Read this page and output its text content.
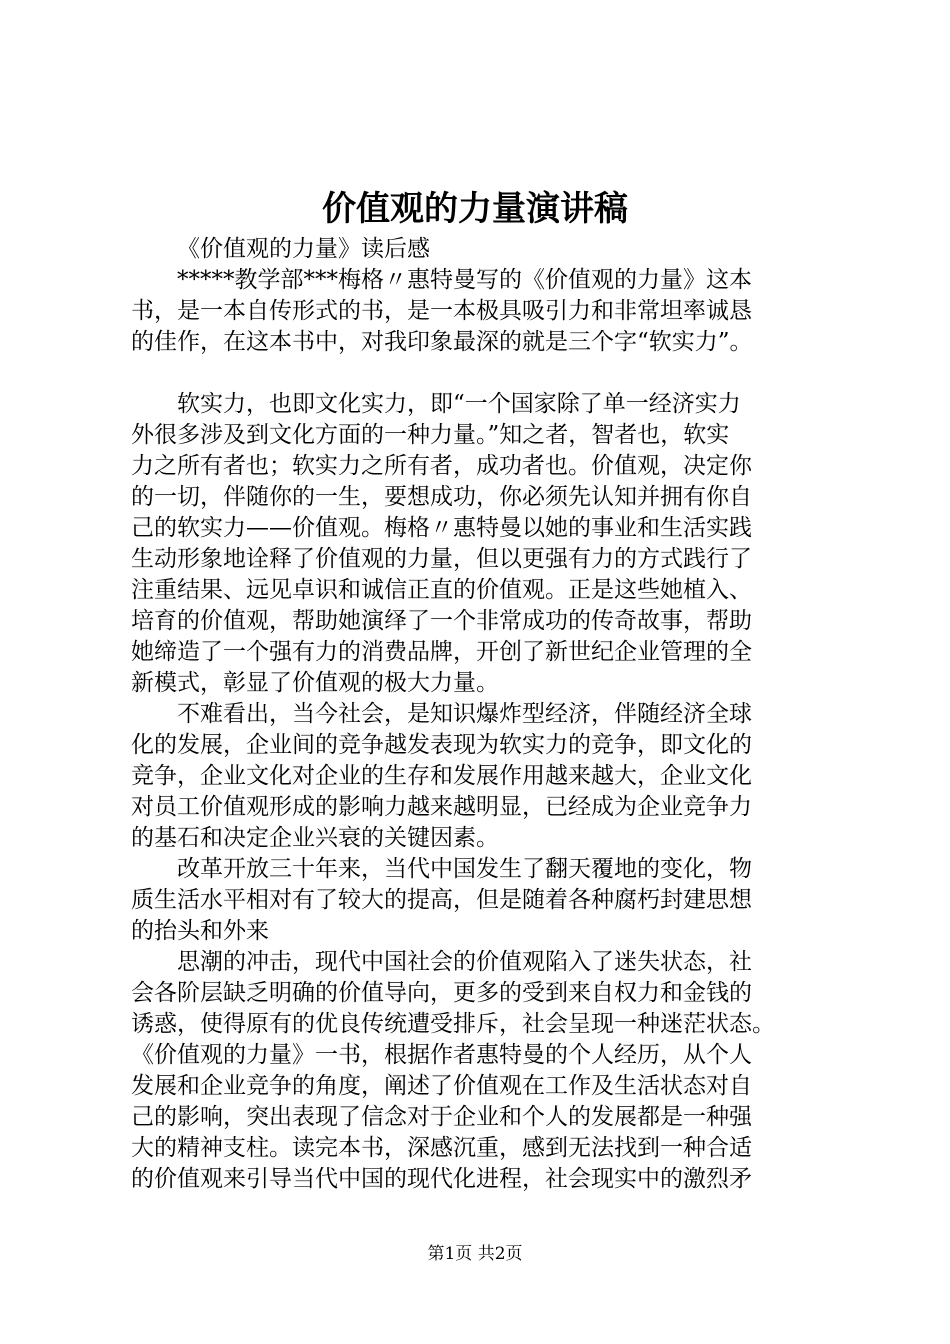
价值观的力量演讲稿
《价值观的力量》读后感
*****教学部***梅格〃惠特曼写的《价值观的力量》这本
书，是一本自传形式的书，是一本极具吸引力和非常坦率诚恳
的佳作，在这本书中，对我印象最深的就是三个字“软实力”。
软实力，也即文化实力，即“一个国家除了单一经济实力
外很多涉及到文化方面的一种力量。”知之者，智者也，软实
力之所有者也；软实力之所有者，成功者也。价值观，决定你
的一切，伴随你的一生，要想成功，你必须先认知并拥有你自
己的软实力——价值观。梅格〃惠特曼以她的事业和生活实践
生动形象地诠释了价值观的力量，但以更强有力的方式践行了
注重结果、远见卓识和诚信正直的价值观。正是这些她植入、
培育的价值观，帮助她演绎了一个非常成功的传奇故事，帮助
她缔造了一个强有力的消费品牌，开创了新世纪企业管理的全
新模式，彰显了价值观的极大力量。
不难看出，当今社会，是知识爆炸型经济，伴随经济全球
化的发展，企业间的竞争越发表现为软实力的竞争，即文化的
竞争，企业文化对企业的生存和发展作用越来越大，企业文化
对员工价值观形成的影响力越来越明显，已经成为企业竞争力
的基石和决定企业兴衰的关键因素。
改革开放三十年来，当代中国发生了翻天覆地的变化，物
质生活水平相对有了较大的提高，但是随着各种腐朽封建思想
的抬头和外来
思潮的冲击，现代中国社会的价值观陷入了迷失状态，社
会各阶层缺乏明确的价值导向，更多的受到来自权力和金钱的
诱惑，使得原有的优良传统遭受排斥，社会呈现一种迷茫状态。
《价值观的力量》一书，根据作者惠特曼的个人经历，从个人
发展和企业竞争的角度，阐述了价值观在工作及生活状态对自
己的影响，突出表现了信念对于企业和个人的发展都是一种强
大的精神支柱。读完本书，深感沉重，感到无法找到一种合适
的价值观来引导当代中国的现代化进程，社会现实中的激烈矛
第1页 共2页
